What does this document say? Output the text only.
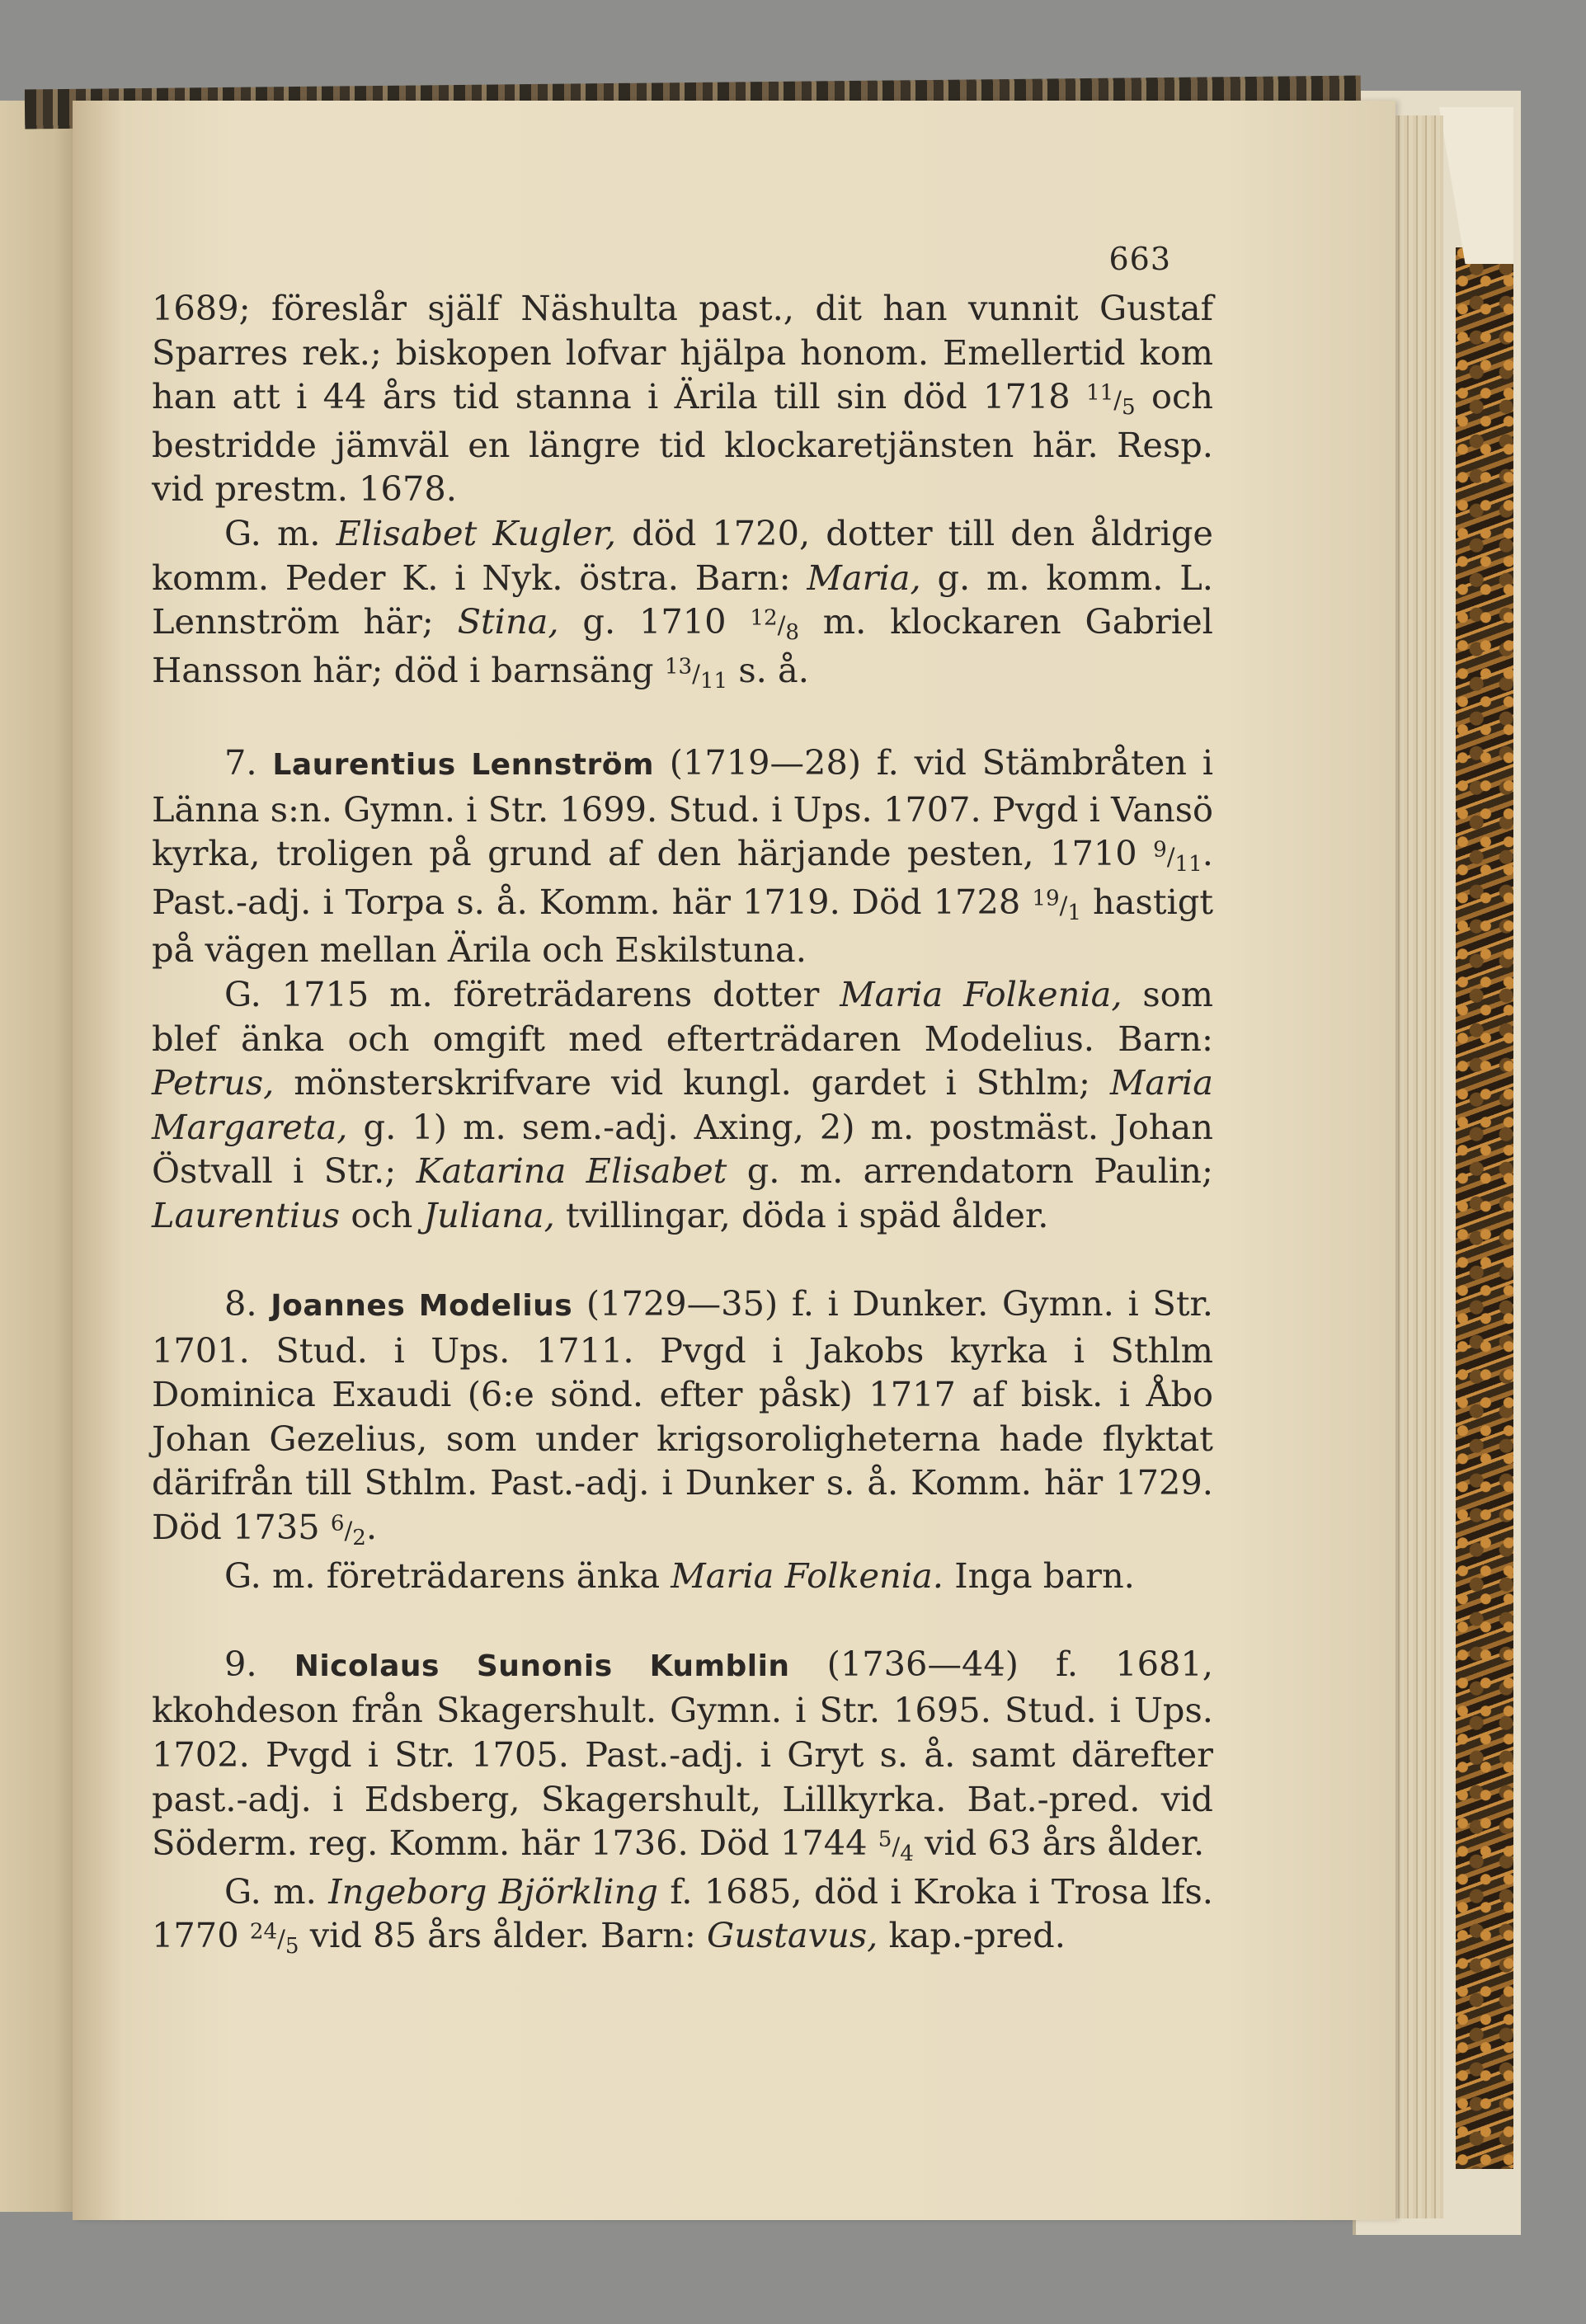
663

1689; föreslår själf Näshulta past., dit han vunnit Gustaf Sparres rek.; biskopen lofvar hjälpa honom. Emellertid kom han att i 44 års tid stanna i Ärila till sin död 1718 $^{11}/_5$ och bestridde jämväl en längre tid klockaretjänsten här. Resp. vid prestm. 1678.

G. m. Elisabet Kugler, död 1720, dotter till den åldrige komm. Peder K. i Nyk. östra. Barn: Maria, g. m. komm. L. Lennström här; Stina, g. 1710 $^{12}/_8$ m. klockaren Gabriel Hansson här; död i barnsäng $^{13}/_{11}$ s. å.

7. Laurentius Lennström (1719—28) f. vid Stämbråten i Länna s:n. Gymn. i Str. 1699. Stud. i Ups. 1707. Pvgd i Vansö kyrka, troligen på grund af den härjande pesten, 1710 $^9/_{11}$. Past.-adj. i Torpa s. å. Komm. här 1719. Död 1728 $^{19}/_1$ hastigt på vägen mellan Ärila och Eskilstuna.

G. 1715 m. företrädarens dotter Maria Folkenia, som blef änka och omgift med efterträdaren Modelius. Barn: Petrus, mönsterskrifvare vid kungl. gardet i Sthlm; Maria Margareta, g. 1) m. sem.-adj. Axing, 2) m. postmäst. Johan Östvall i Str.; Katarina Elisabet g. m. arrendatorn Paulin; Laurentius och Juliana, tvillingar, döda i späd ålder.

8. Joannes Modelius (1729—35) f. i Dunker. Gymn. i Str. 1701. Stud. i Ups. 1711. Pvgd i Jakobs kyrka i Sthlm Dominica Exaudi (6:e sönd. efter påsk) 1717 af bisk. i Åbo Johan Gezelius, som under krigsoroligheterna hade flyktat därifrån till Sthlm. Past.-adj. i Dunker s. å. Komm. här 1729. Död 1735 $^6/_2$.

G. m. företrädarens änka Maria Folkenia. Inga barn.

9. Nicolaus Sunonis Kumblin (1736—44) f. 1681, kkohdeson från Skagershult. Gymn. i Str. 1695. Stud. i Ups. 1702. Pvgd i Str. 1705. Past.-adj. i Gryt s. å. samt därefter past.-adj. i Edsberg, Skagershult, Lillkyrka. Bat.-pred. vid Söderm. reg. Komm. här 1736. Död 1744 $^5/_4$ vid 63 års ålder.

G. m. Ingeborg Björkling f. 1685, död i Kroka i Trosa lfs. 1770 $^{24}/_5$ vid 85 års ålder. Barn: Gustavus, kap.-pred.
